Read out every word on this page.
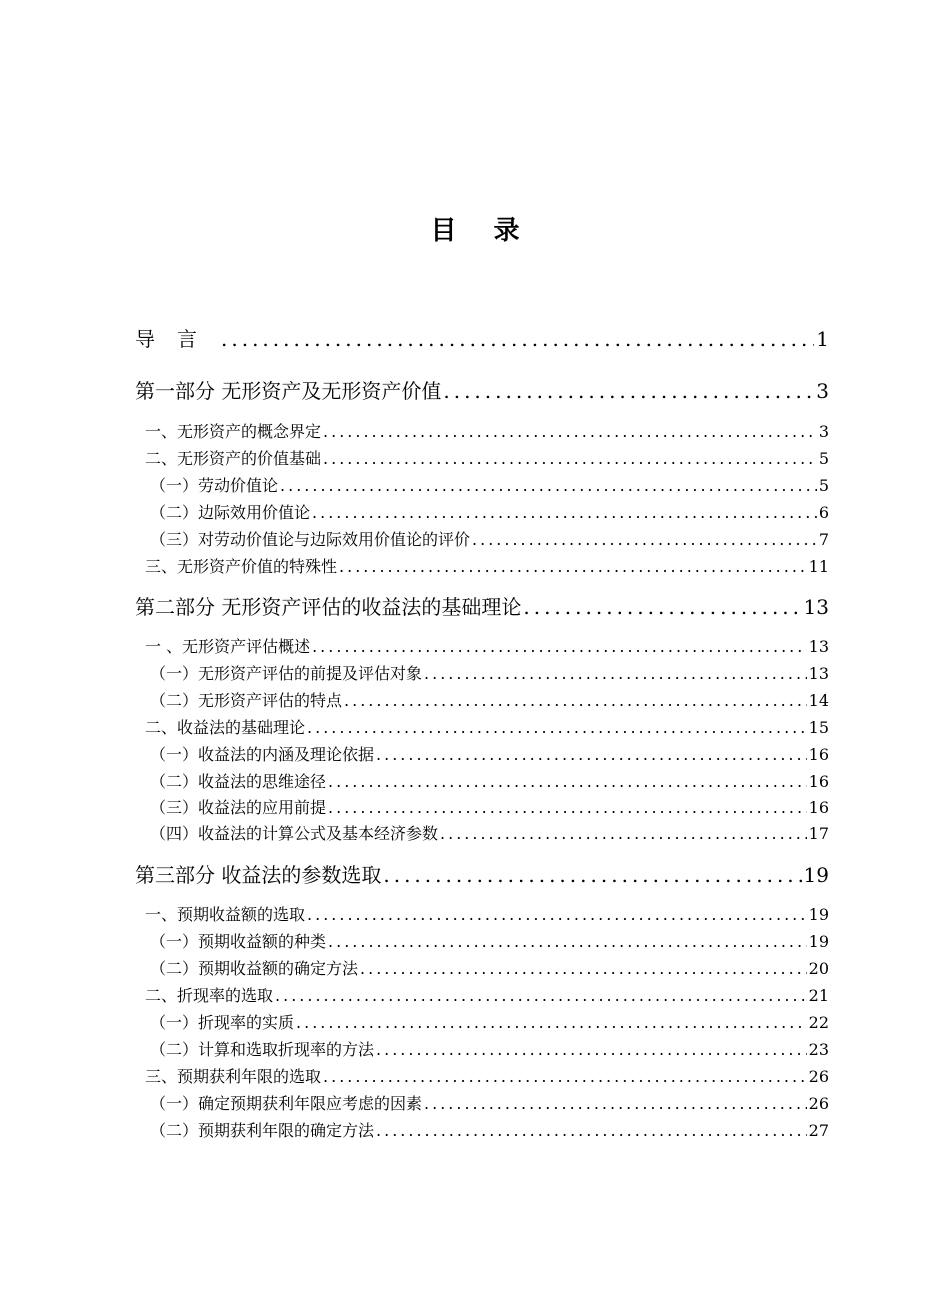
目 录
导言 .....	1
第一部分 无形资产及无形资产价值 .....	3
一、无形资产的概念界定 .....	3
二、无形资产的价值基础 .....	5
（一）劳动价值论 .....	5
（二）边际效用价值论 .....	6
（三）对劳动价值论与边际效用价值论的评价 .....	7
三、无形资产价值的特殊性 .....	11
第二部分 无形资产评估的收益法的基础理论 .....	13
一 、无形资产评估概述 .....	13
（一）无形资产评估的前提及评估对象 .....	13
（二）无形资产评估的特点 .....	14
二、收益法的基础理论 .....	15
（一）收益法的内涵及理论依据 .....	16
（二）收益法的思维途径 .....	16
（三）收益法的应用前提 .....	16
（四）收益法的计算公式及基本经济参数 .....	17
第三部分 收益法的参数选取 .....	19
一、预期收益额的选取 .....	19
（一）预期收益额的种类 .....	19
（二）预期收益额的确定方法 .....	20
二、折现率的选取 .....	21
（一）折现率的实质 .....	22
（二）计算和选取折现率的方法 .....	23
三、预期获利年限的选取 .....	26
（一）确定预期获利年限应考虑的因素 .....	26
（二）预期获利年限的确定方法 .....	27
